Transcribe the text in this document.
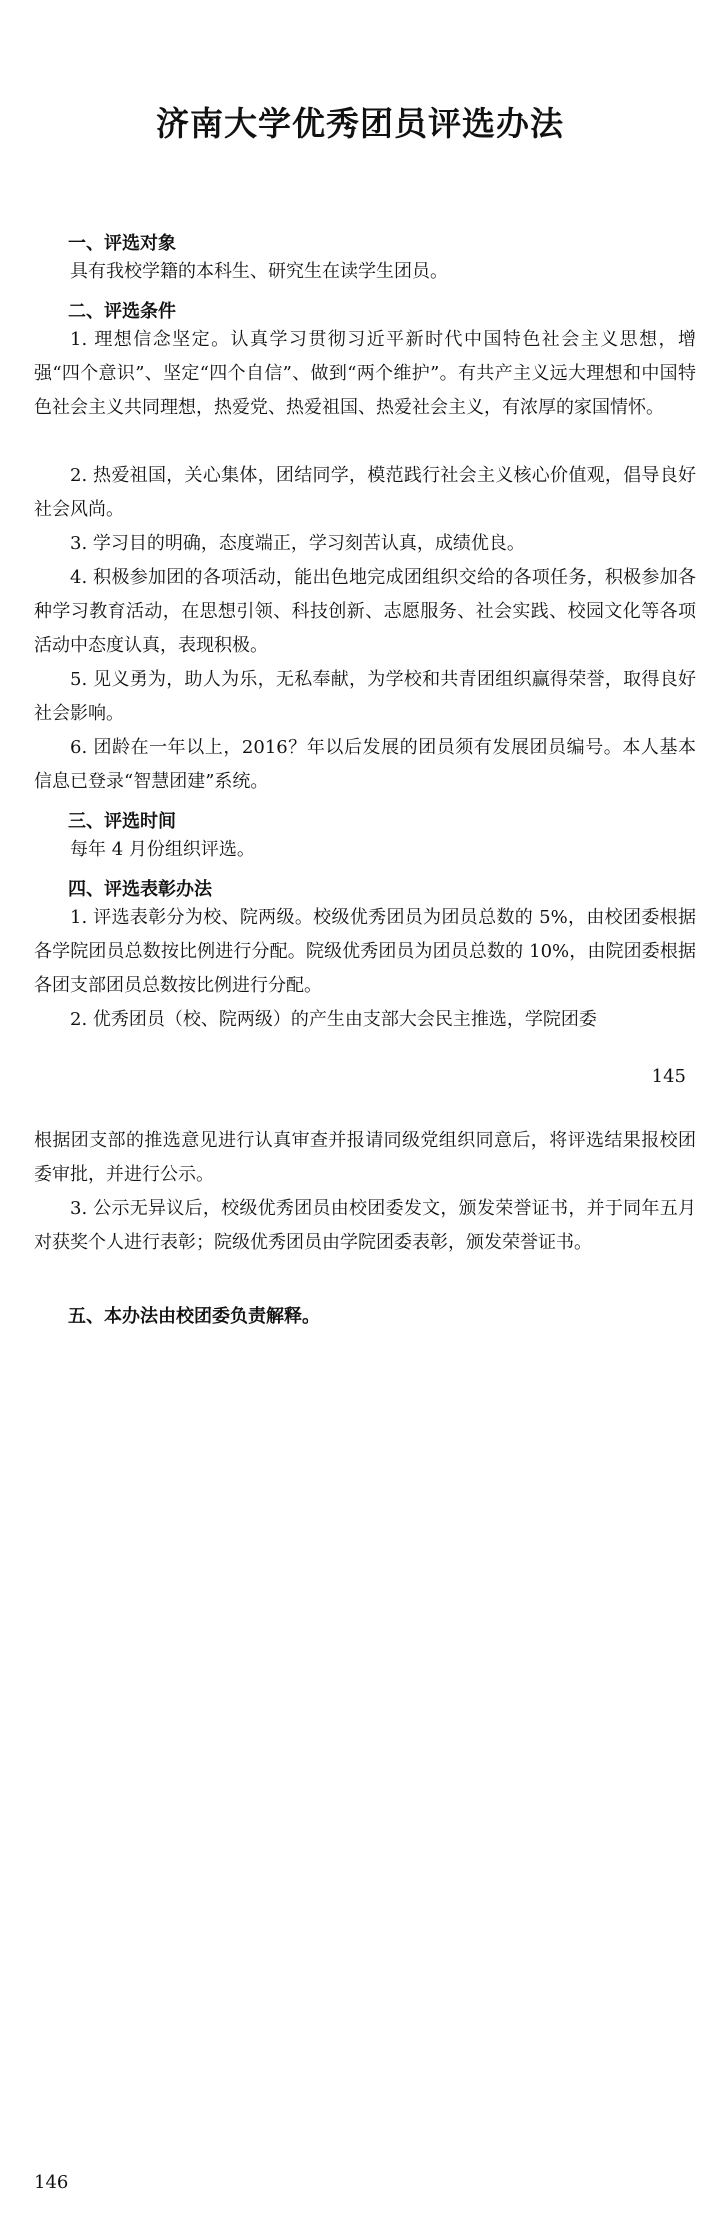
济南大学优秀团员评选办法
一、评选对象
具有我校学籍的本科生、研究生在读学生团员。
二、评选条件
1. 理想信念坚定。认真学习贯彻习近平新时代中国特色社会主义思想，增强“四个意识”、坚定“四个自信”、做到“两个维护”。有共产主义远大理想和中国特色社会主义共同理想，热爱党、热爱祖国、热爱社会主义，有浓厚的家国情怀。
2. 热爱祖国，关心集体，团结同学，模范践行社会主义核心价值观，倡导良好社会风尚。
3. 学习目的明确，态度端正，学习刻苦认真，成绩优良。
4. 积极参加团的各项活动，能出色地完成团组织交给的各项任务，积极参加各种学习教育活动，在思想引领、科技创新、志愿服务、社会实践、校园文化等各项活动中态度认真，表现积极。
5. 见义勇为，助人为乐，无私奉献，为学校和共青团组织赢得荣誉，取得良好社会影响。
6. 团龄在一年以上，2016？年以后发展的团员须有发展团员编号。本人基本信息已登录“智慧团建”系统。
三、评选时间
每年 4 月份组织评选。
四、评选表彰办法
1. 评选表彰分为校、院两级。校级优秀团员为团员总数的 5%，由校团委根据各学院团员总数按比例进行分配。院级优秀团员为团员总数的 10%，由院团委根据各团支部团员总数按比例进行分配。
2. 优秀团员（校、院两级）的产生由支部大会民主推选，学院团委
145
根据团支部的推选意见进行认真审查并报请同级党组织同意后，将评选结果报校团委审批，并进行公示。
3. 公示无异议后，校级优秀团员由校团委发文，颁发荣誉证书，并于同年五月对获奖个人进行表彰；院级优秀团员由学院团委表彰，颁发荣誉证书。
五、本办法由校团委负责解释。
146
